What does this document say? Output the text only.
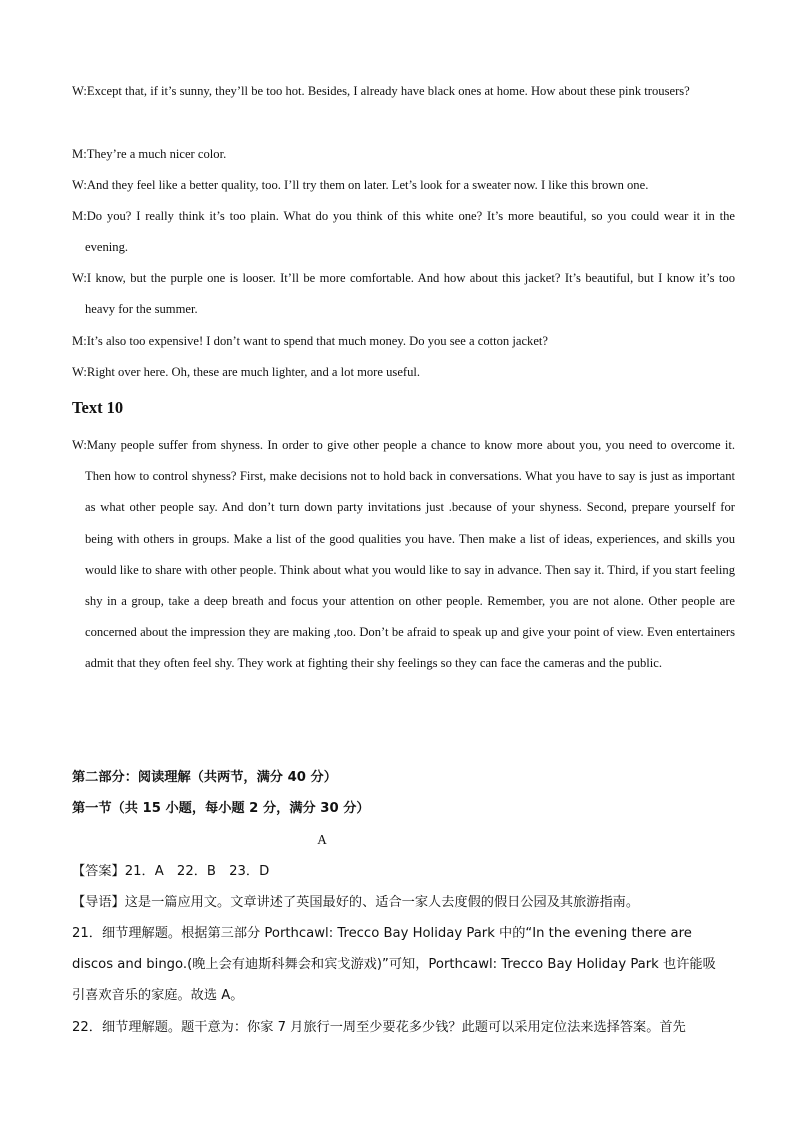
W:Except that, if it’s sunny, they’ll be too hot. Besides, I already have black ones at home. How about these pink trousers?

M:They’re a much nicer color.

W:And they feel like a better quality, too. I’ll try them on later. Let’s look for a sweater now. I like this brown one.

M:Do you? I really think it’s too plain. What do you think of this white one? It’s more beautiful, so you could wear it in the evening.

W:I know, but the purple one is looser. It’ll be more comfortable. And how about this jacket? It’s beautiful, but I know it’s too heavy for the summer.

M:It’s also too expensive! I don’t want to spend that much money. Do you see a cotton jacket?

W:Right over here. Oh, these are much lighter, and a lot more useful.

Text 10

W:Many people suffer from shyness. In order to give other people a chance to know more about you, you need to overcome it. Then how to control shyness? First, make decisions not to hold back in conversations. What you have to say is just as important as what other people say. And don’t turn down party invitations just .because of your shyness. Second, prepare yourself for being with others in groups. Make a list of the good qualities you have. Then make a list of ideas, experiences, and skills you would like to share with other people. Think about what you would like to say in advance. Then say it. Third, if you start feeling shy in a group, take a deep breath and focus your attention on other people. Remember, you are not alone. Other people are concerned about the impression they are making ,too. Don’t be afraid to speak up and give your point of view. Even entertainers admit that they often feel shy. They work at fighting their shy feelings so they can face the cameras and the public.

第二部分：阅读理解（共两节，满分 40 分）

第一节（共 15 小题，每小题 2 分，满分 30 分）

A

【答案】21．A　22．B　23．D

【导语】这是一篇应用文。文章讲述了英国最好的、适合一家人去度假的假日公园及其旅游指南。

21．细节理解题。根据第三部分 Porthcawl: Trecco Bay Holiday Park 中的“In the evening there are discos and bingo.(晚上会有迪斯科舞会和宾戈游戏)”可知，Porthcawl: Trecco Bay Holiday Park 也许能吸引喜欢音乐的家庭。故选 A。

22．细节理解题。题干意为：你家 7 月旅行一周至少要花多少钱？此题可以采用定位法来选择答案。首先
